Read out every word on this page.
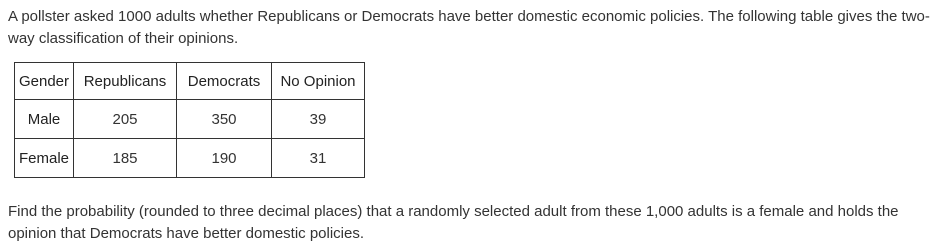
A pollster asked 1000 adults whether Republicans or Democrats have better domestic economic policies. The following table gives the two-way classification of their opinions.

Gender	Republicans	Democrats	No Opinion
Male	205	350	39
Female	185	190	31

Find the probability (rounded to three decimal places) that a randomly selected adult from these 1,000 adults is a female and holds the opinion that Democrats have better domestic policies.
